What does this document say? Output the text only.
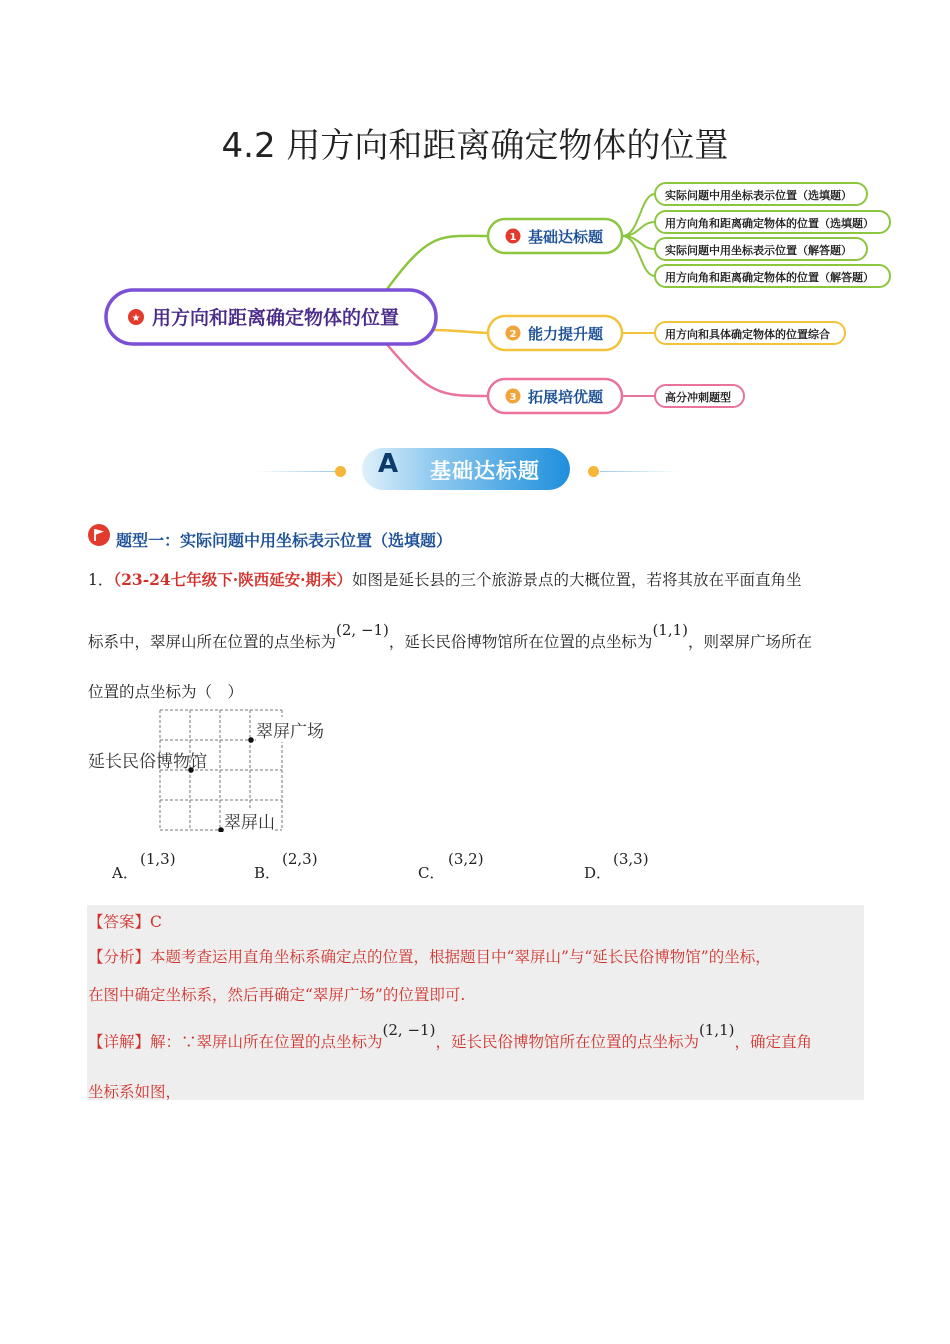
4.2 用方向和距离确定物体的位置
★ 用方向和距离确定物体的位置
1 基础达标题
2 能力提升题
3 拓展培优题
实际问题中用坐标表示位置（选填题）
用方向角和距离确定物体的位置（选填题）
实际问题中用坐标表示位置（解答题）
用方向角和距离确定物体的位置（解答题）
用方向和具体确定物体的位置综合
高分冲刺题型
A 基础达标题
题型一：实际问题中用坐标表示位置（选填题）
1．（23-24七年级下·陕西延安·期末）如图是延长县的三个旅游景点的大概位置，若将其放在平面直角坐
标系中，翠屏山所在位置的点坐标为(2, −1)，延长民俗博物馆所在位置的点坐标为(1,1)，则翠屏广场所在
位置的点坐标为（　）
翠屏广场
延长民俗博物馆
翠屏山
A．
(1,3)
B．
(2,3)
C．
(3,2)
D．
(3,3)
【答案】C
【分析】本题考查运用直角坐标系确定点的位置，根据题目中“翠屏山”与“延长民俗博物馆”的坐标，
在图中确定坐标系，然后再确定“翠屏广场”的位置即可.
【详解】解：∵翠屏山所在位置的点坐标为(2, −1)，延长民俗博物馆所在位置的点坐标为(1,1)，确定直角
坐标系如图，
